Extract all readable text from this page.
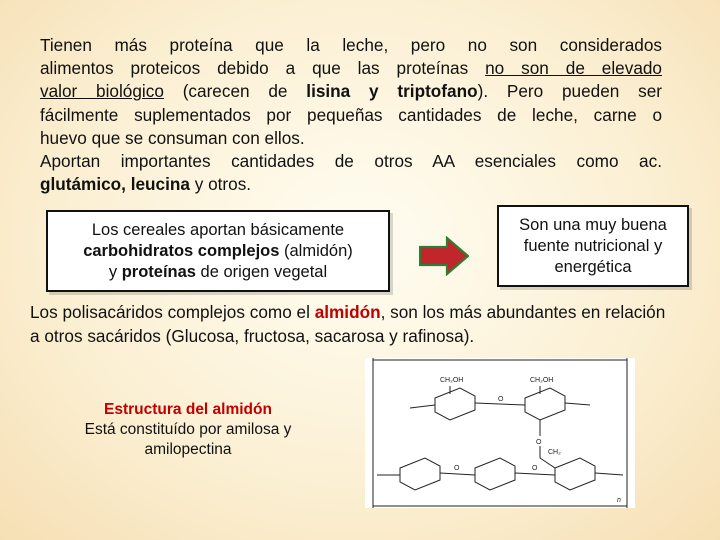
Tienen más proteína que la leche, pero no son considerados

alimentos proteicos debido a que las proteínas no son de elevado

valor biológico (carecen de lisina y triptofano). Pero pueden ser

fácilmente suplementados por pequeñas cantidades de leche, carne o

huevo que se consuman con ellos.

Aportan importantes cantidades de otros AA esenciales como ac.

glutámico, leucina y otros.

Los cereales aportan básicamente
carbohidratos complejos (almidón)
y proteínas de origen vegetal
Son una muy buena fuente nutricional y energética

Los polisacáridos complejos como el almidón, son los más abundantes en relación a otros sacáridos (Glucosa, fructosa, sacarosa y rafinosa).

Estructura del almidón
Está constituído por amilosa y
amilopectina
CH₂OH	CH₂OH
O
O
O	O
CH₂
n
